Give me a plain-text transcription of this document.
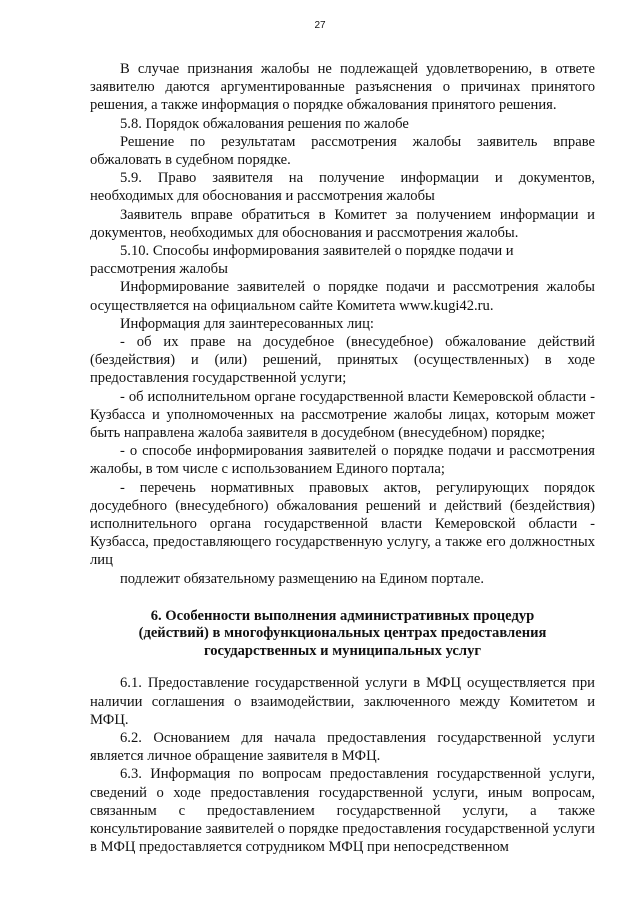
27

В случае признания жалобы не подлежащей удовлетворению, в ответе заявителю даются аргументированные разъяснения о причинах принятого решения, а также информация о порядке обжалования принятого решения.

5.8. Порядок обжалования решения по жалобе

Решение по результатам рассмотрения жалобы заявитель вправе обжаловать в судебном порядке.

5.9. Право заявителя на получение информации и документов, необходимых для обоснования и рассмотрения жалобы

Заявитель вправе обратиться в Комитет за получением информации и документов, необходимых для обоснования и рассмотрения жалобы.

5.10. Способы информирования заявителей о порядке подачи и рассмотрения жалобы

Информирование заявителей о порядке подачи и рассмотрения жалобы осуществляется на официальном сайте Комитета www.kugi42.ru.

Информация для заинтересованных лиц:

- об их праве на досудебное (внесудебное) обжалование действий (бездействия) и (или) решений, принятых (осуществленных) в ходе предоставления государственной услуги;

- об исполнительном органе государственной власти Кемеровской области - Кузбасса и уполномоченных на рассмотрение жалобы лицах, которым может быть направлена жалоба заявителя в досудебном (внесудебном) порядке;

- о способе информирования заявителей о порядке подачи и рассмотрения жалобы, в том числе с использованием Единого портала;

- перечень нормативных правовых актов, регулирующих порядок досудебного (внесудебного) обжалования решений и действий (бездействия) исполнительного органа государственной власти Кемеровской области - Кузбасса, предоставляющего государственную услугу, а также его должностных лиц

подлежит обязательному размещению на Едином портале.

6. Особенности выполнения административных процедур
(действий) в многофункциональных центрах предоставления
государственных и муниципальных услуг

6.1. Предоставление государственной услуги в МФЦ осуществляется при наличии соглашения о взаимодействии, заключенного между Комитетом и МФЦ.

6.2. Основанием для начала предоставления государственной услуги является личное обращение заявителя в МФЦ.

6.3. Информация по вопросам предоставления государственной услуги, сведений о ходе предоставления государственной услуги, иным вопросам, связанным с предоставлением государственной услуги, а также консультирование заявителей о порядке предоставления государственной услуги в МФЦ предоставляется сотрудником МФЦ при непосредственном
